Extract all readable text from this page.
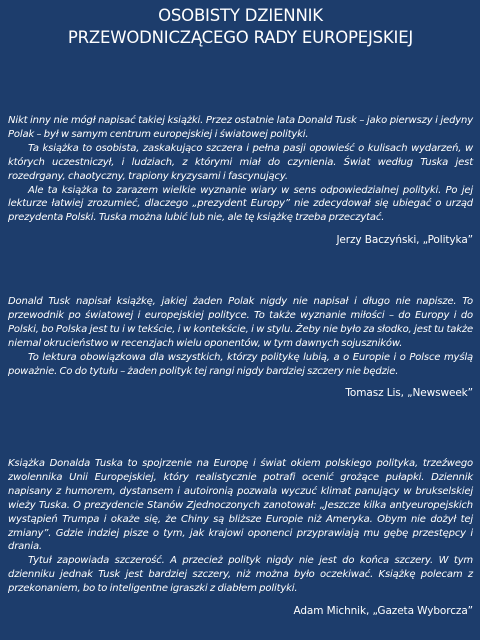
OSOBISTY DZIENNIK
PRZEWODNICZĄCEGO RADY EUROPEJSKIEJ

Nikt inny nie mógł napisać takiej książki. Przez ostatnie lata Donald Tusk – jako pierwszy i jedyny Polak – był w samym centrum europejskiej i światowej polityki.

Ta książka to osobista, zaskakująco szczera i pełna pasji opowieść o kulisach wydarzeń, w których uczestniczył, i ludziach, z którymi miał do czynienia. Świat według Tuska jest rozedrgany, chaotyczny, trapiony kryzysami i fascynujący.

Ale ta książka to zarazem wielkie wyznanie wiary w sens odpowiedzialnej polityki. Po jej lekturze łatwiej zrozumieć, dlaczego „prezydent Europy” nie zdecydował się ubiegać o urząd prezydenta Polski. Tuska można lubić lub nie, ale tę książkę trzeba przeczytać.

Jerzy Baczyński, „Polityka”

Donald Tusk napisał książkę, jakiej żaden Polak nigdy nie napisał i długo nie napisze. To przewodnik po światowej i europejskiej polityce. To także wyznanie miłości – do Europy i do Polski, bo Polska jest tu i w tekście, i w kontekście, i w stylu. Żeby nie było za słodko, jest tu także niemal okrucieństwo w recenzjach wielu oponentów, w tym dawnych sojuszników.

To lektura obowiązkowa dla wszystkich, którzy politykę lubią, a o Europie i o Polsce myślą poważnie. Co do tytułu – żaden polityk tej rangi nigdy bardziej szczery nie będzie.

Tomasz Lis, „Newsweek”

Książka Donalda Tuska to spojrzenie na Europę i świat okiem polskiego polityka, trzeźwego zwolennika Unii Europejskiej, który realistycznie potrafi ocenić grożące pułapki. Dziennik napisany z humorem, dystansem i autoironią pozwala wyczuć klimat panujący w brukselskiej wieży Tuska. O prezydencie Stanów Zjednoczonych zanotował: „Jeszcze kilka antyeuropejskich wystąpień Trumpa i okaże się, że Chiny są bliższe Europie niż Ameryka. Obym nie dożył tej zmiany”. Gdzie indziej pisze o tym, jak krajowi oponenci przyprawiają mu gębę przestępcy i drania.

Tytuł zapowiada szczerość. A przecież polityk nigdy nie jest do końca szczery. W tym dzienniku jednak Tusk jest bardziej szczery, niż można było oczekiwać. Książkę polecam z przekonaniem, bo to inteligentne igraszki z diabłem polityki.

Adam Michnik, „Gazeta Wyborcza”
